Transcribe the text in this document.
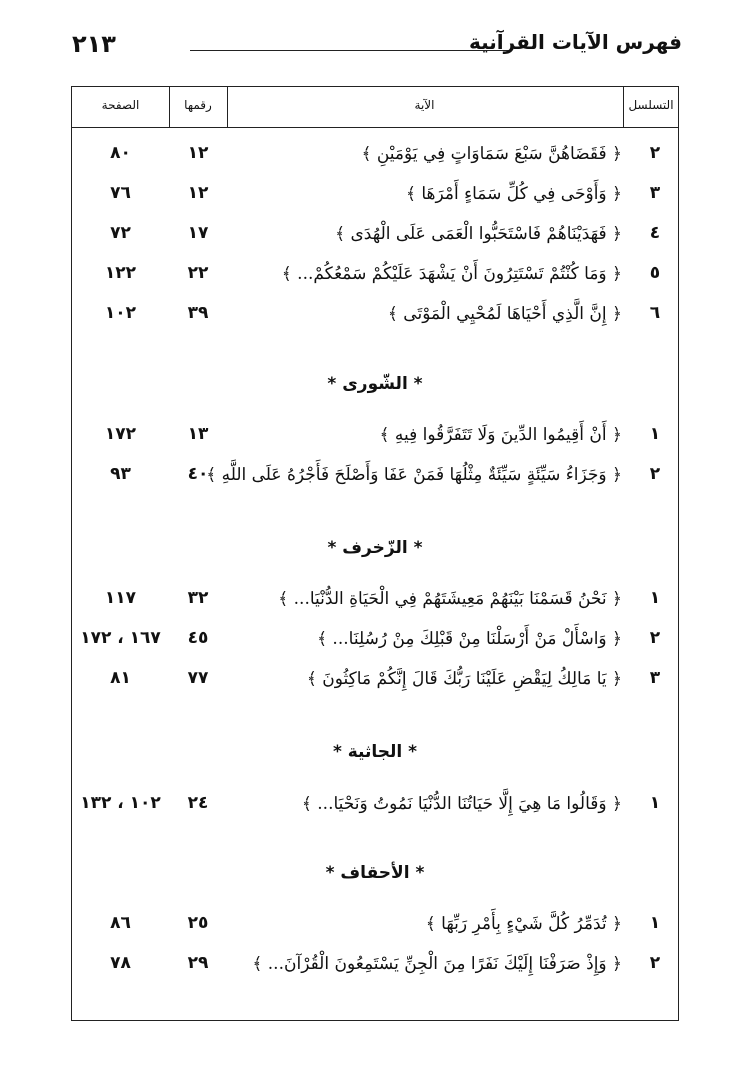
٢١٣	فهرس الآيات القرآنية
التسلسل
الآية
رقمها
الصفحة
٢
﴿ فَقَضَاهُنَّ سَبْعَ سَمَاوَاتٍ فِي يَوْمَيْنِ ﴾
١٢
٨٠
٣
﴿ وَأَوْحَى فِي كُلِّ سَمَاءٍ أَمْرَهَا ﴾
١٢
٧٦
٤
﴿ فَهَدَيْنَاهُمْ فَاسْتَحَبُّوا الْعَمَى عَلَى الْهُدَى ﴾
١٧
٧٢
٥
﴿ وَمَا كُنْتُمْ تَسْتَتِرُونَ أَنْ يَشْهَدَ عَلَيْكُمْ سَمْعُكُمْ... ﴾
٢٢
١٢٢
٦
﴿ إِنَّ الَّذِي أَحْيَاهَا لَمُحْيِي الْمَوْتَى ﴾
٣٩
١٠٢
* الشّورى *
١
﴿ أَنْ أَقِيمُوا الدِّينَ وَلَا تَتَفَرَّقُوا فِيهِ ﴾
١٣
١٧٢
٢
﴿ وَجَزَاءُ سَيِّئَةٍ سَيِّئَةٌ مِثْلُهَا فَمَنْ عَفَا وَأَصْلَحَ فَأَجْرُهُ عَلَى اللَّهِ ﴾
٤٠
٩٣
* الزّخرف *
١
﴿ نَحْنُ قَسَمْنَا بَيْنَهُمْ مَعِيشَتَهُمْ فِي الْحَيَاةِ الدُّنْيَا... ﴾
٣٢
١١٧
٢
﴿ وَاسْأَلْ مَنْ أَرْسَلْنَا مِنْ قَبْلِكَ مِنْ رُسُلِنَا... ﴾
٤٥
١٦٧ ، ١٧٢
٣
﴿ يَا مَالِكُ لِيَقْضِ عَلَيْنَا رَبُّكَ قَالَ إِنَّكُمْ مَاكِثُونَ ﴾
٧٧
٨١
* الجاثية *
١
﴿ وَقَالُوا مَا هِيَ إِلَّا حَيَاتُنَا الدُّنْيَا نَمُوتُ وَنَحْيَا... ﴾
٢٤
١٠٢ ، ١٣٢
* الأحقاف *
١
﴿ تُدَمِّرُ كُلَّ شَيْءٍ بِأَمْرِ رَبِّهَا ﴾
٢٥
٨٦
٢
﴿ وَإِذْ صَرَفْنَا إِلَيْكَ نَفَرًا مِنَ الْجِنِّ يَسْتَمِعُونَ الْقُرْآنَ... ﴾
٢٩
٧٨
